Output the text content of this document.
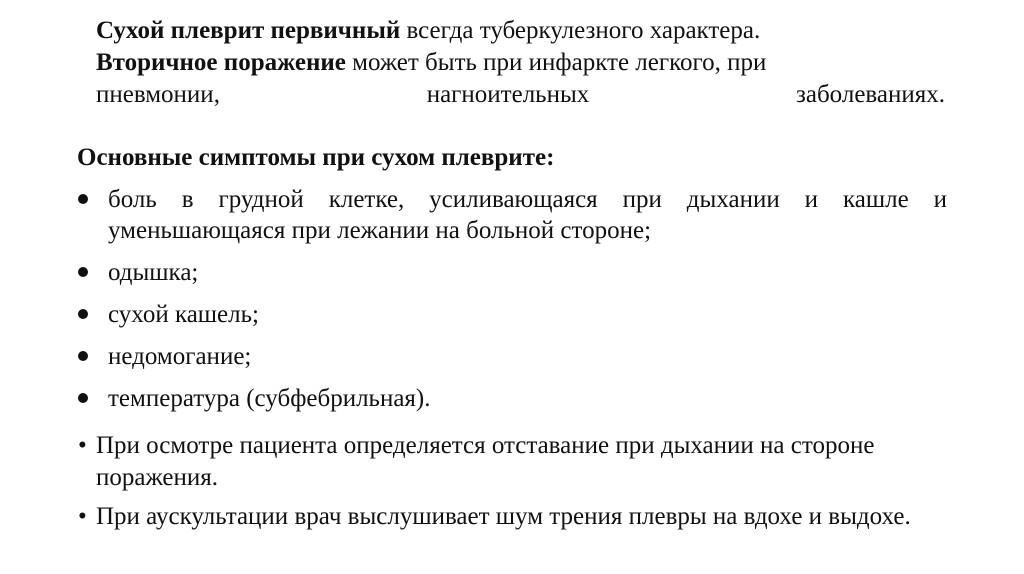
Сухой плеврит первичный всегда туберкулезного характера.
Вторичное поражение может быть при инфаркте легкого, при
пневмонии,	нагноительных	заболеваниях.
Основные симптомы при сухом плеврите:
боль в грудной клетке, усиливающаяся при дыхании и кашле и уменьшающаяся при лежании на больной стороне;
одышка;
сухой кашель;
недомогание;
температура (субфебрильная).
• При осмотре пациента определяется отставание при дыхании на стороне поражения.
• При аускультации врач выслушивает шум трения плевры на вдохе и выдохе.
